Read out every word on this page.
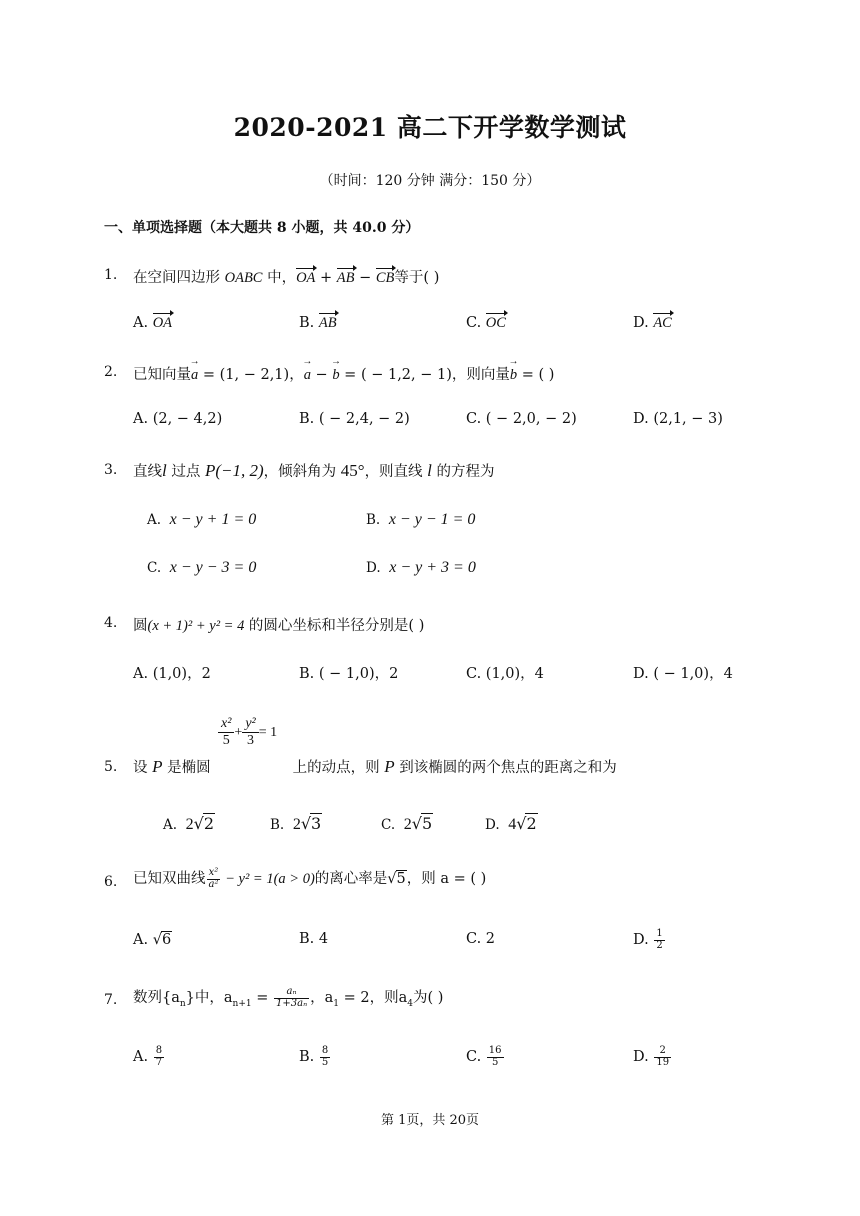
2020-2021 高二下开学数学测试
（时间：120 分钟 满分：150 分）
一、单项选择题（本大题共 8 小题，共 40.0 分）
1. 在空间四边形 OABC 中，OA + AB − CB等于( )
A. OA	B. AB	C. OC	D. AC
2. 已知向量a → = (1, − 2,1)，a → − b → = ( − 1,2, − 1)，则向量b → = ( )
A. (2, − 4,2)	B. ( − 2,4, − 2)	C. ( − 2,0, − 2)	D. (2,1, − 3)
3. 直线l 过点 P(−1, 2)，倾斜角为 45°，则直线 l 的方程为
A. x − y + 1 = 0	B. x − y − 1 = 0
C. x − y − 3 = 0	D. x − y + 3 = 0
4. 圆(x + 1)² + y² = 4 的圆心坐标和半径分别是( )
A. (1,0)，2	B. ( − 1,0)，2	C. (1,0)，4	D. ( − 1,0)，4
$\frac{\text{x²}}{5} + \frac{\text{y²}}{3} = 1$
5. 设 P 是椭圆	上的动点，则 P 到该椭圆的两个焦点的距离之和为
A. 2√2	B. 2√3	C. 2√5	D. 4√2
6. 已知双曲线 $\frac{\text{x²}}{\text{a²}} - y^2 = 1(a > 0)$的离心率是√5，则 a = ( )
A. √6	B. 4	C. 2	D. $\frac{1}{2}$
7. 数列$\{a_n\}$中，$a_{n+1} = \frac{\text{aₙ}}{\text{1+3aₙ}}$ ，$a_1 = 2$，则$a_4$为( )
A. $\frac{8}{7}$	B. $\frac{8}{5}$	C. $\frac{16}{5}$	D. $\frac{2}{19}$
第 1页，共 20页
